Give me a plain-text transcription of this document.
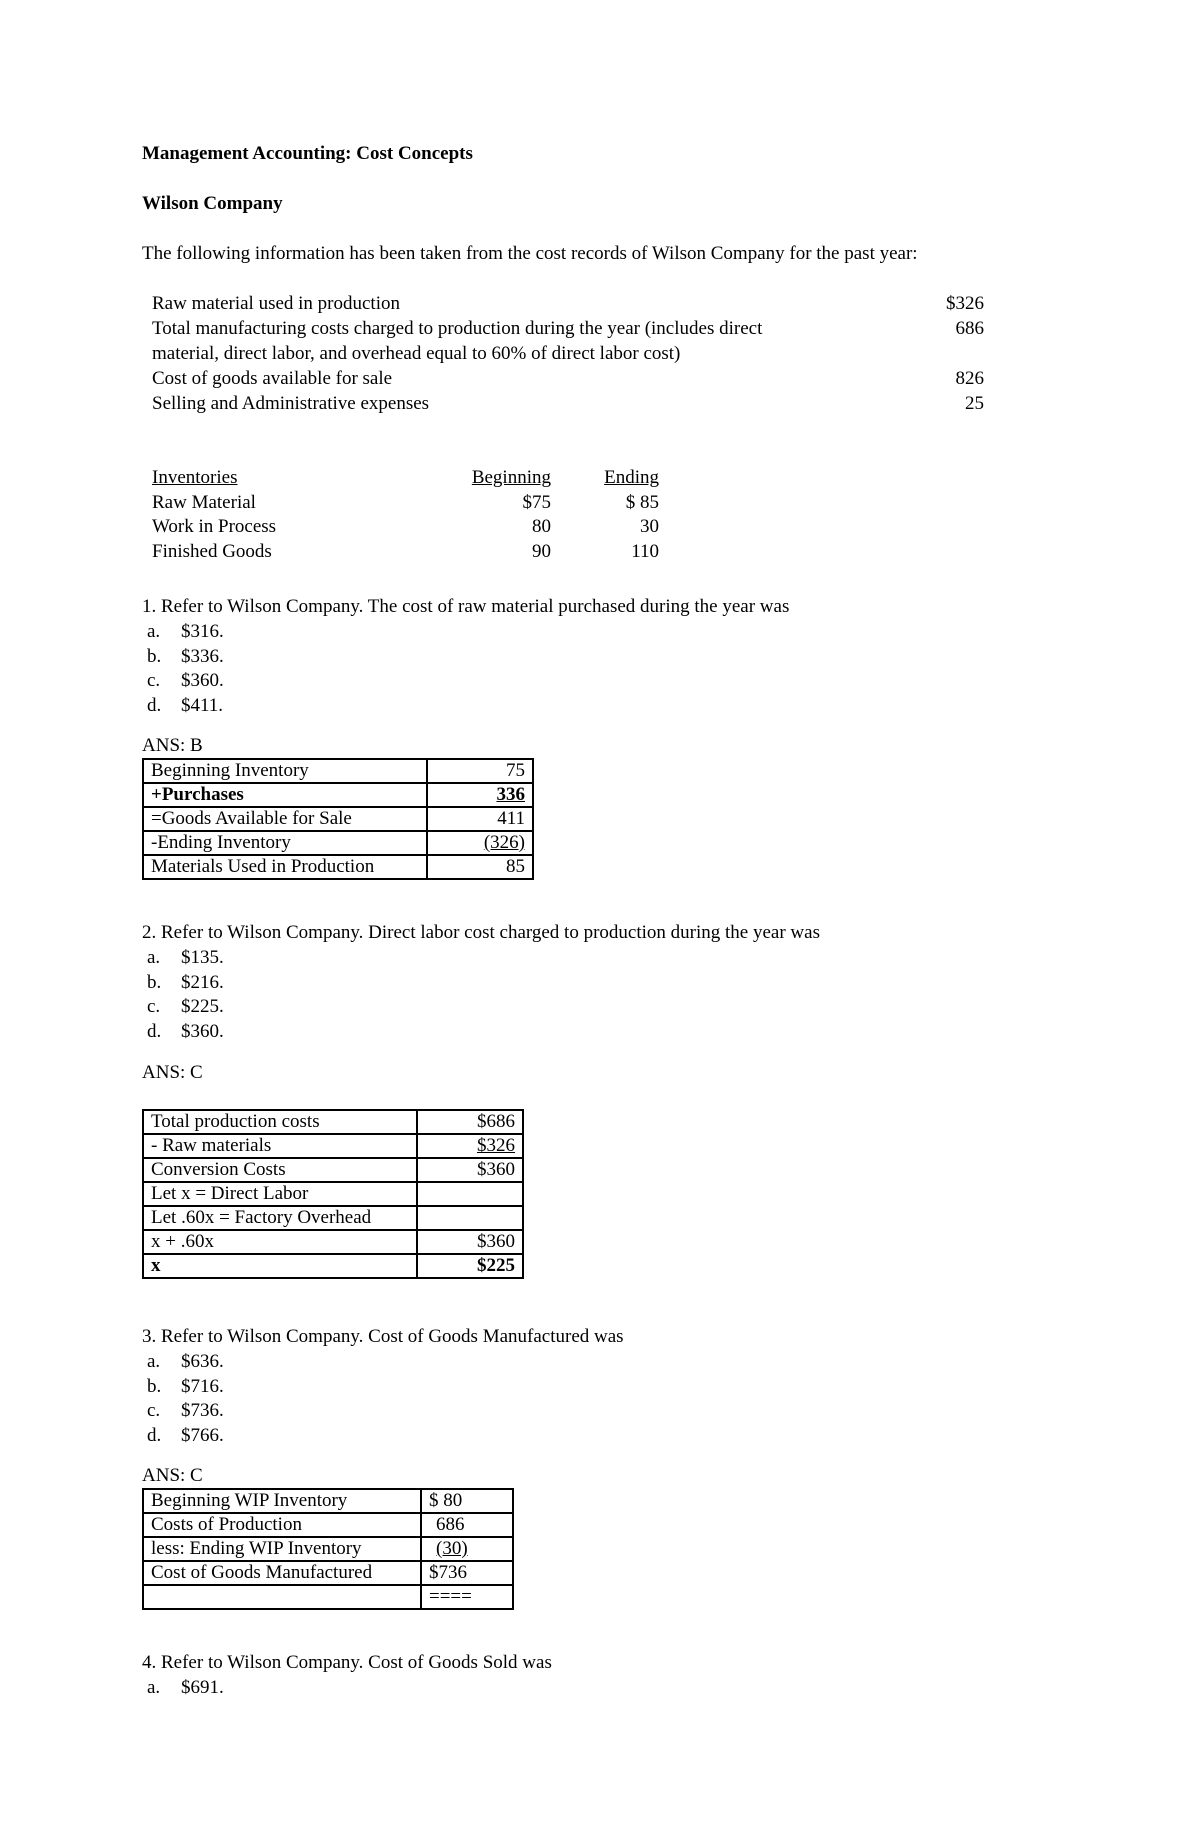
Management Accounting: Cost Concepts
Wilson Company
The following information has been taken from the cost records of Wilson Company for the past year:
Raw material used in production	$326
Total manufacturing costs charged to production during the year (includes direct	686
material, direct labor, and overhead equal to 60% of direct labor cost)
Cost of goods available for sale	826
Selling and Administrative expenses	25
Inventories	Beginning	Ending
Raw Material	$75	$ 85
Work in Process	80	30
Finished Goods	90	110
1. Refer to Wilson Company. The cost of raw material purchased during the year was
a. $316.
b. $336.
c. $360.
d. $411.
ANS: B
Beginning Inventory	75
+Purchases	336
=Goods Available for Sale	411
-Ending Inventory	(326)
Materials Used in Production	85
2. Refer to Wilson Company. Direct labor cost charged to production during the year was
a. $135.
b. $216.
c. $225.
d. $360.
ANS: C
Total production costs	$686
- Raw materials	$326
Conversion Costs	$360
Let x = Direct Labor	
Let .60x = Factory Overhead	
x + .60x	$360
x	$225
3. Refer to Wilson Company. Cost of Goods Manufactured was
a. $636.
b. $716.
c. $736.
d. $766.
ANS: C
Beginning WIP Inventory	$ 80
Costs of Production	686
less: Ending WIP Inventory	(30)
Cost of Goods Manufactured	$736
	====
4. Refer to Wilson Company. Cost of Goods Sold was
a. $691.
